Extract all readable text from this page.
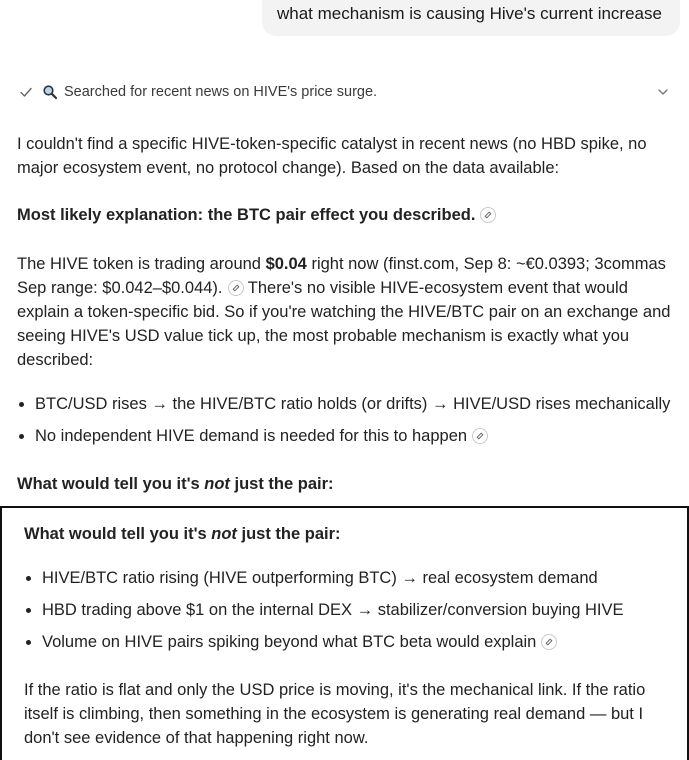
what mechanism is causing Hive's current increase
Searched for recent news on HIVE's price surge.
I couldn't find a specific HIVE-token-specific catalyst in recent news (no HBD spike, no major ecosystem event, no protocol change). Based on the data available:
Most likely explanation: the BTC pair effect you described.
The HIVE token is trading around $0.04 right now (finst.com, Sep 8: ~€0.0393; 3commas Sep range: $0.042–$0.044).
There's no visible HIVE-ecosystem event that would explain a token-specific bid. So if you're watching the HIVE/BTC pair on an exchange and seeing HIVE's USD value tick up, the most probable mechanism is exactly what you described:
BTC/USD rises → the HIVE/BTC ratio holds (or drifts) → HIVE/USD rises mechanically
No independent HIVE demand is needed for this to happen
What would tell you it's not just the pair:
What would tell you it's not just the pair:
HIVE/BTC ratio rising (HIVE outperforming BTC) → real ecosystem demand
HBD trading above $1 on the internal DEX → stabilizer/conversion buying HIVE
Volume on HIVE pairs spiking beyond what BTC beta would explain
If the ratio is flat and only the USD price is moving, it's the mechanical link. If the ratio itself is climbing, then something in the ecosystem is generating real demand — but I don't see evidence of that happening right now.
